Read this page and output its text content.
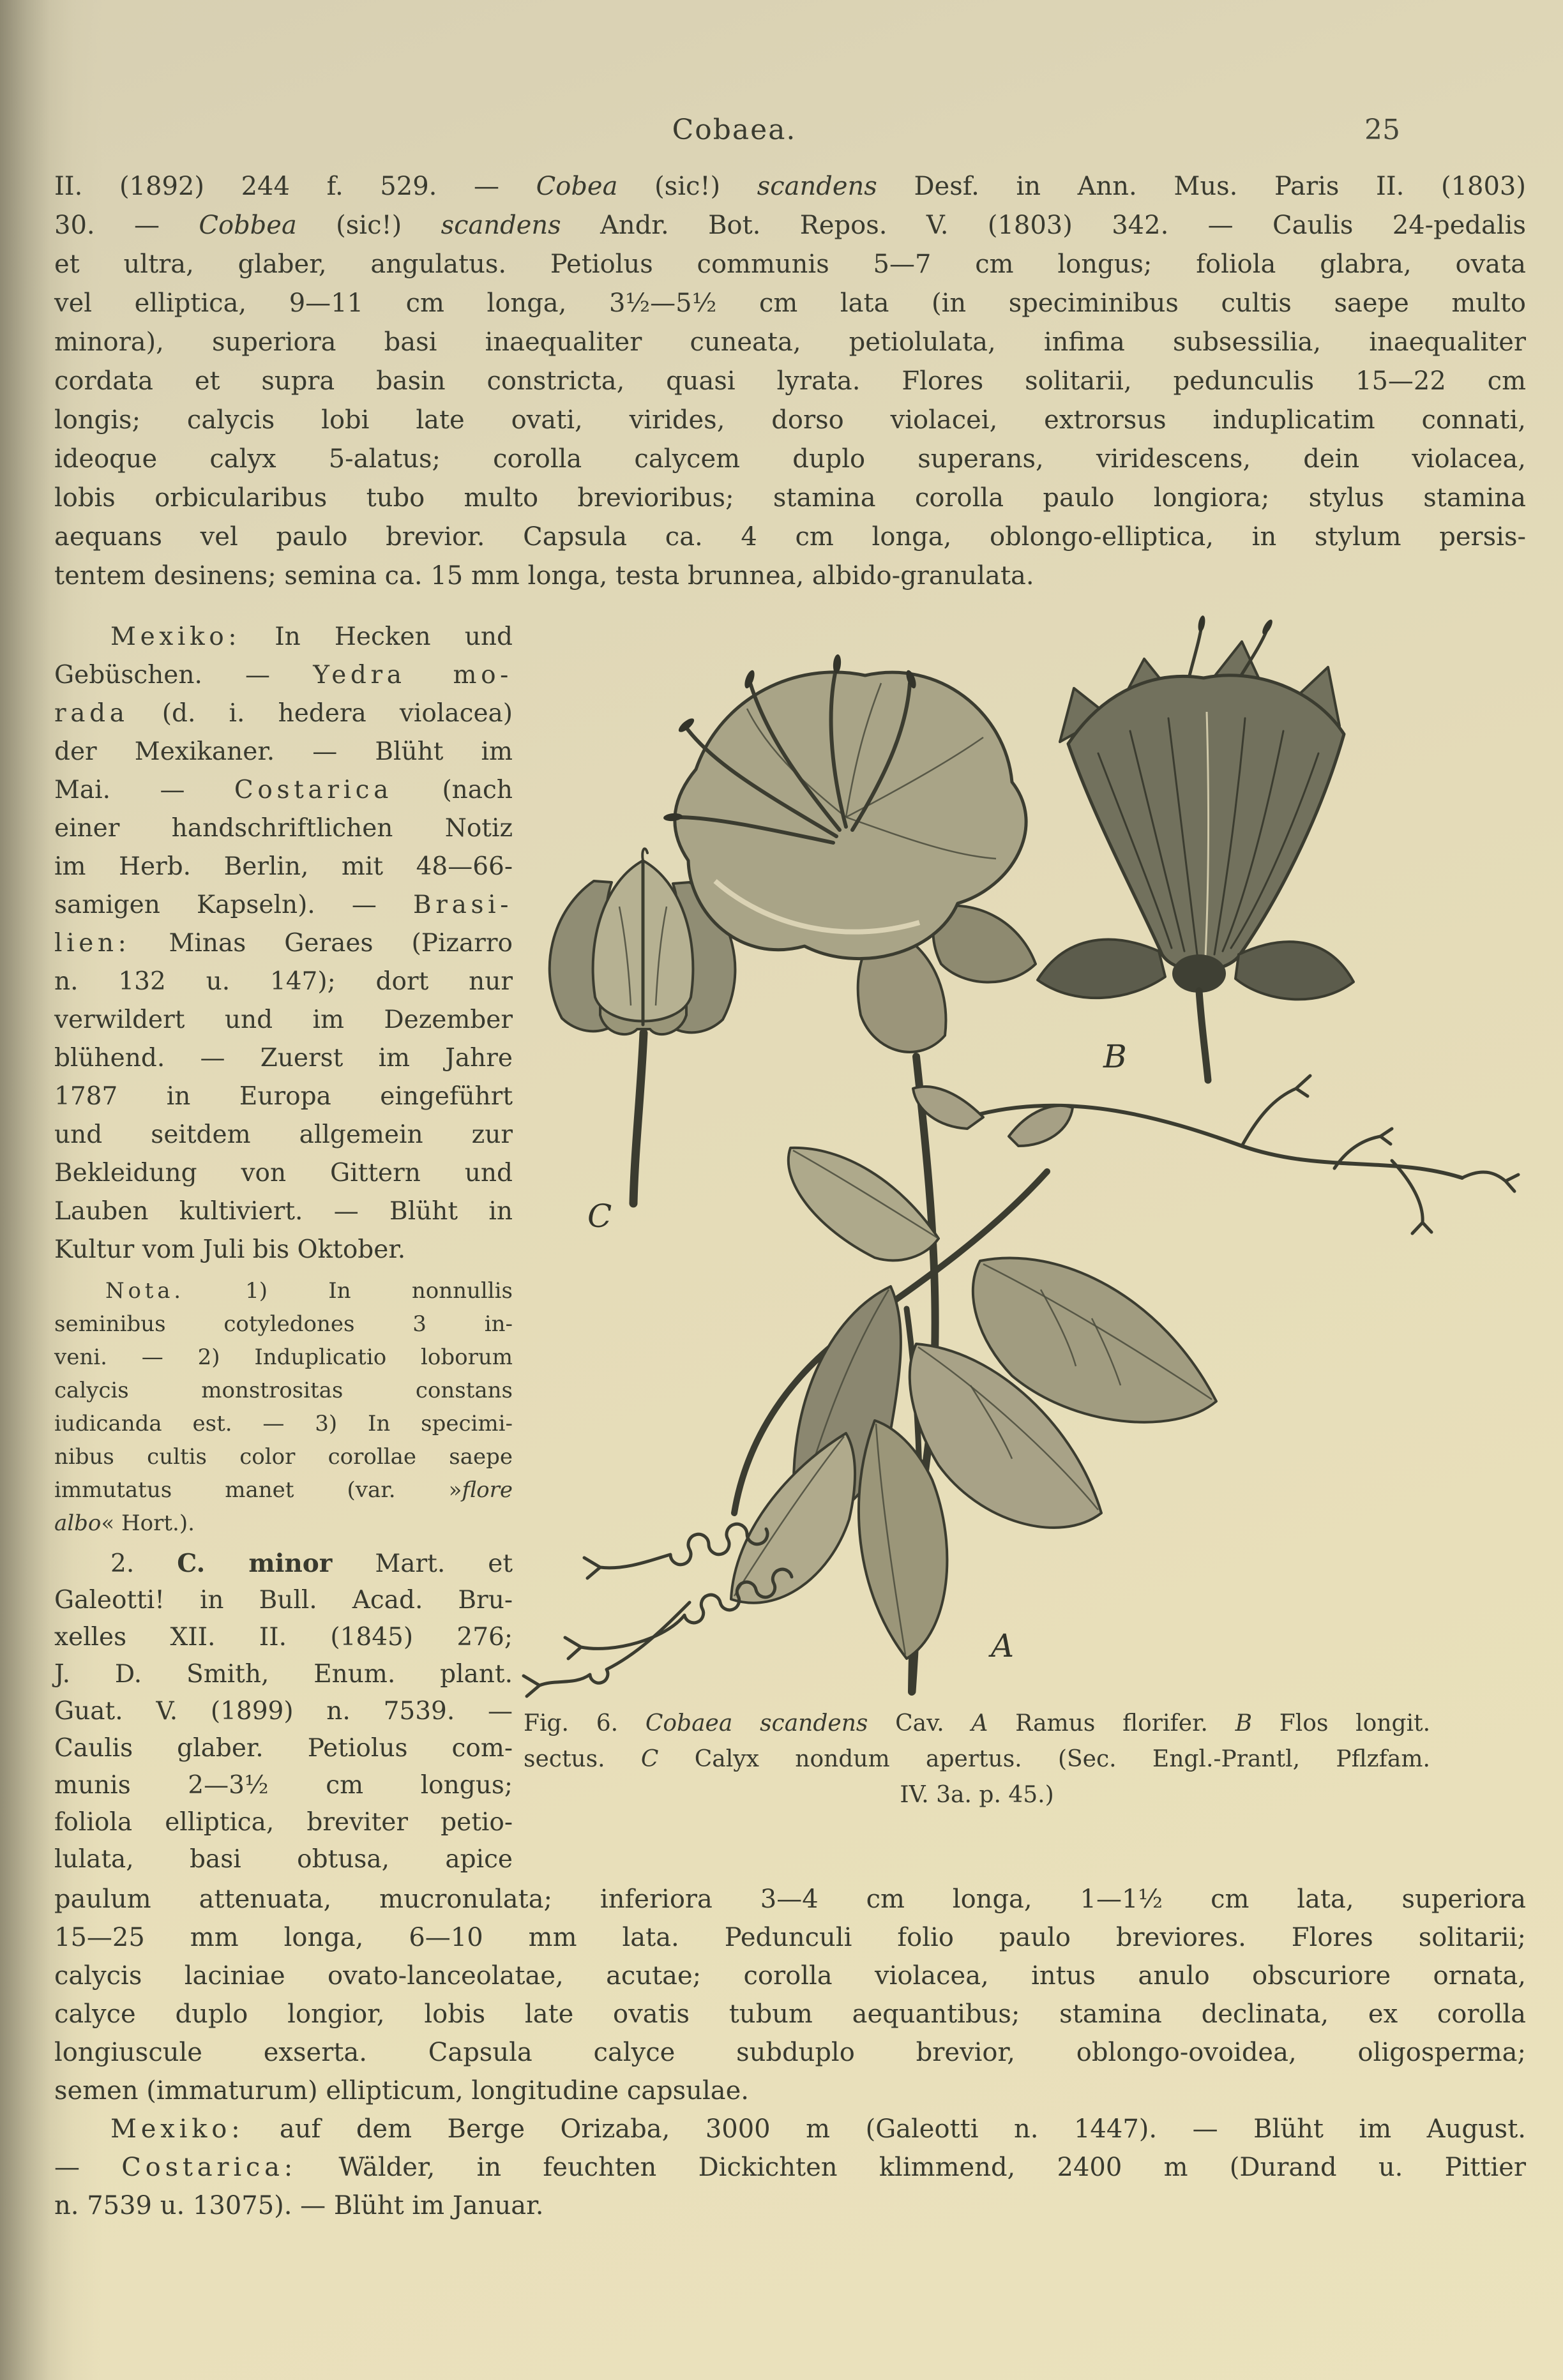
Cobaea.	25
II. (1892) 244 f. 529. — Cobea (sic!) scandens Desf. in Ann. Mus. Paris II. (1803)
30. — Cobbea (sic!) scandens Andr. Bot. Repos. V. (1803) 342. — Caulis 24-pedalis
et ultra, glaber, angulatus. Petiolus communis 5—7 cm longus; foliola glabra, ovata
vel elliptica, 9—11 cm longa, 3½—5½ cm lata (in speciminibus cultis saepe multo
minora), superiora basi inaequaliter cuneata, petiolulata, infima subsessilia, inaequaliter
cordata et supra basin constricta, quasi lyrata. Flores solitarii, pedunculis 15—22 cm
longis; calycis lobi late ovati, virides, dorso violacei, extrorsus induplicatim connati,
ideoque calyx 5-alatus; corolla calycem duplo superans, viridescens, dein violacea,
lobis orbicularibus tubo multo brevioribus; stamina corolla paulo longiora; stylus stamina
aequans vel paulo brevior. Capsula ca. 4 cm longa, oblongo-elliptica, in stylum persis-
tentem desinens; semina ca. 15 mm longa, testa brunnea, albido-granulata.
Mexiko: In Hecken und
Gebüschen. — Yedra mo-
rada (d. i. hedera violacea)
der Mexikaner. — Blüht im
Mai. — Costarica (nach
einer handschriftlichen Notiz
im Herb. Berlin, mit 48—66-
samigen Kapseln). — Brasi-
lien: Minas Geraes (Pizarro
n. 132 u. 147); dort nur
verwildert und im Dezember
blühend. — Zuerst im Jahre
1787 in Europa eingeführt
und seitdem allgemein zur
Bekleidung von Gittern und
Lauben kultiviert. — Blüht in
Kultur vom Juli bis Oktober.
Nota. 1) In nonnullis
seminibus cotyledones 3 in-
veni. — 2) Induplicatio loborum
calycis monstrositas constans
iudicanda est. — 3) In specimi-
nibus cultis color corollae saepe
immutatus manet (var. »flore
albo« Hort.).
2. C. minor Mart. et
Galeotti! in Bull. Acad. Bru-
xelles XII. II. (1845) 276;
J. D. Smith, Enum. plant.
Guat. V. (1899) n. 7539. —
Caulis glaber. Petiolus com-
munis 2—3½ cm longus;
foliola elliptica, breviter petio-
lulata, basi obtusa, apice
C
B
A
Fig. 6. Cobaea scandens Cav. A Ramus florifer. B Flos longit.
sectus. C Calyx nondum apertus. (Sec. Engl.-Prantl, Pflzfam.
IV. 3a. p. 45.)
paulum attenuata, mucronulata; inferiora 3—4 cm longa, 1—1½ cm lata, superiora
15—25 mm longa, 6—10 mm lata. Pedunculi folio paulo breviores. Flores solitarii;
calycis laciniae ovato-lanceolatae, acutae; corolla violacea, intus anulo obscuriore ornata,
calyce duplo longior, lobis late ovatis tubum aequantibus; stamina declinata, ex corolla
longiuscule exserta. Capsula calyce subduplo brevior, oblongo-ovoidea, oligosperma;
semen (immaturum) ellipticum, longitudine capsulae.
Mexiko: auf dem Berge Orizaba, 3000 m (Galeotti n. 1447). — Blüht im August.
— Costarica: Wälder, in feuchten Dickichten klimmend, 2400 m (Durand u. Pittier
n. 7539 u. 13075). — Blüht im Januar.
